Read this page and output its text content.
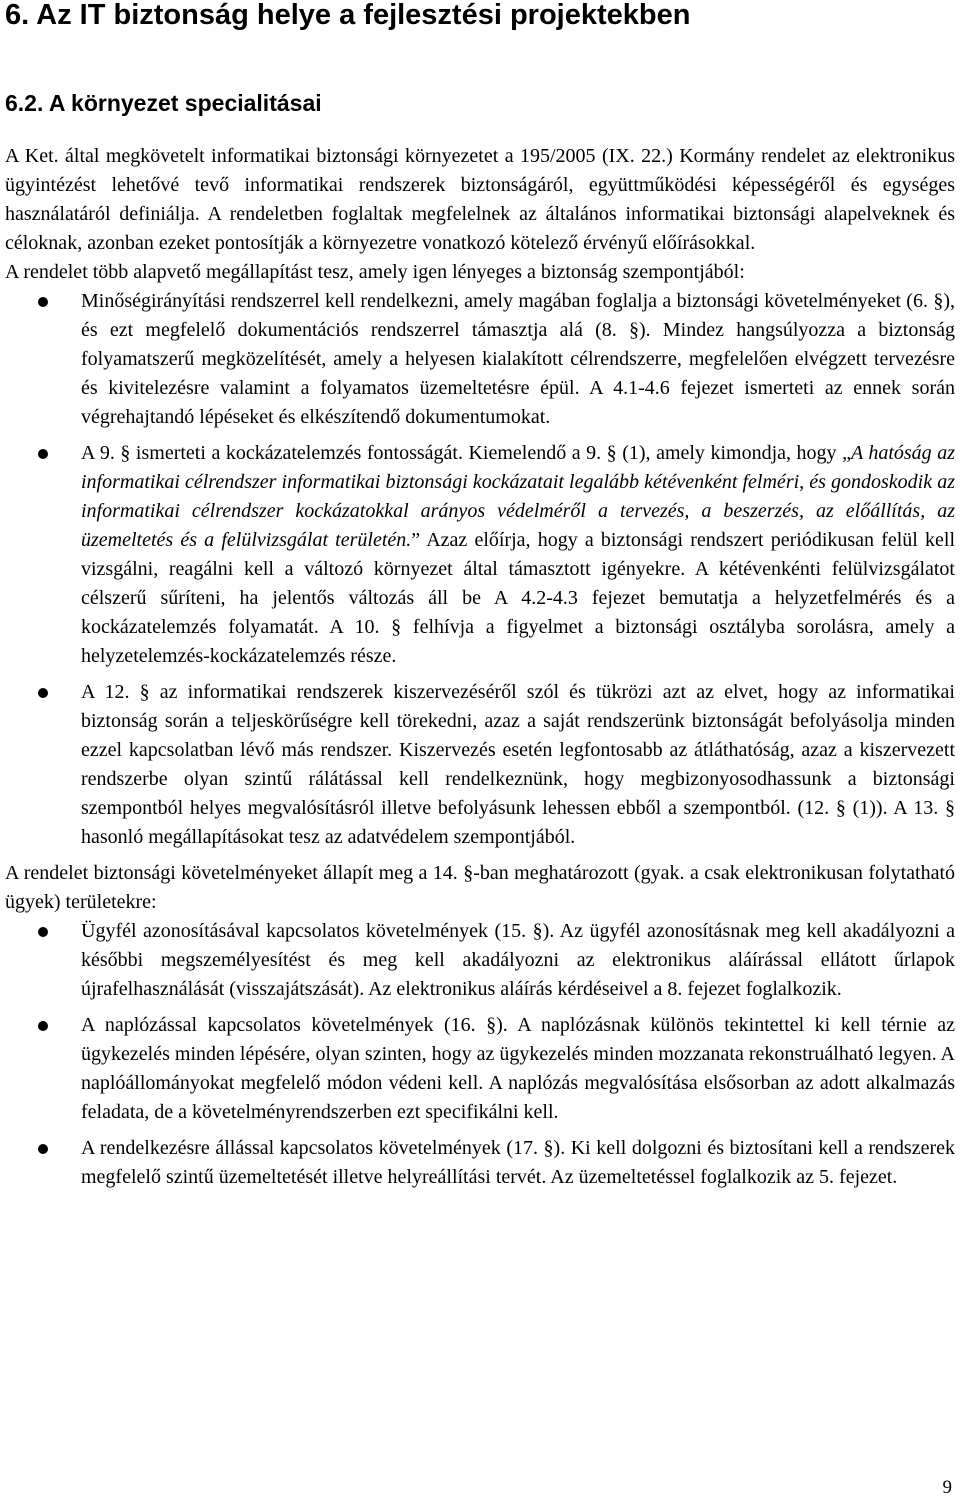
6. Az IT biztonság helye a fejlesztési projektekben
6.2. A környezet specialitásai

A Ket. által megkövetelt informatikai biztonsági környezetet a 195/2005 (IX. 22.) Kormány rendelet az elektronikus ügyintézést lehetővé tevő informatikai rendszerek biztonságáról, együttműködési képességéről és egységes használatáról definiálja. A rendeletben foglaltak megfelelnek az általános informatikai biztonsági alapelveknek és céloknak, azonban ezeket pontosítják a környezetre vonatkozó kötelező érvényű előírásokkal.

A rendelet több alapvető megállapítást tesz, amely igen lényeges a biztonság szempontjából:

Minőségirányítási rendszerrel kell rendelkezni, amely magában foglalja a biztonsági követelményeket (6. §), és ezt megfelelő dokumentációs rendszerrel támasztja alá (8. §). Mindez hangsúlyozza a biztonság folyamatszerű megközelítését, amely a helyesen kialakított célrendszerre, megfelelően elvégzett tervezésre és kivitelezésre valamint a folyamatos üzemeltetésre épül. A 4.1-4.6 fejezet ismerteti az ennek során végrehajtandó lépéseket és elkészítendő dokumentumokat.
A 9. § ismerteti a kockázatelemzés fontosságát. Kiemelendő a 9. § (1), amely kimondja, hogy „A hatóság az informatikai célrendszer informatikai biztonsági kockázatait legalább kétévenként felméri, és gondoskodik az informatikai célrendszer kockázatokkal arányos védelméről a tervezés, a beszerzés, az előállítás, az üzemeltetés és a felülvizsgálat területén.” Azaz előírja, hogy a biztonsági rendszert periódikusan felül kell vizsgálni, reagálni kell a változó környezet által támasztott igényekre. A kétévenkénti felülvizsgálatot célszerű sűríteni, ha jelentős változás áll be A 4.2-4.3 fejezet bemutatja a helyzetfelmérés és a kockázatelemzés folyamatát. A 10. § felhívja a figyelmet a biztonsági osztályba sorolásra, amely a helyzetelemzés-kockázatelemzés része.
A 12. § az informatikai rendszerek kiszervezéséről szól és tükrözi azt az elvet, hogy az informatikai biztonság során a teljeskörűségre kell törekedni, azaz a saját rendszerünk biztonságát befolyásolja minden ezzel kapcsolatban lévő más rendszer. Kiszervezés esetén legfontosabb az átláthatóság, azaz a kiszervezett rendszerbe olyan szintű rálátással kell rendelkeznünk, hogy megbizonyosodhassunk a biztonsági szempontból helyes megvalósításról illetve befolyásunk lehessen ebből a szempontból. (12. § (1)). A 13. § hasonló megállapításokat tesz az adatvédelem szempontjából.

A rendelet biztonsági követelményeket állapít meg a 14. §-ban meghatározott (gyak. a csak elektronikusan folytatható ügyek) területekre:

Ügyfél azonosításával kapcsolatos követelmények (15. §). Az ügyfél azonosításnak meg kell akadályozni a későbbi megszemélyesítést és meg kell akadályozni az elektronikus aláírással ellátott űrlapok újrafelhasználását (visszajátszását). Az elektronikus aláírás kérdéseivel a 8. fejezet foglalkozik.
A naplózással kapcsolatos követelmények (16. §). A naplózásnak különös tekintettel ki kell térnie az ügykezelés minden lépésére, olyan szinten, hogy az ügykezelés minden mozzanata rekonstruálható legyen. A naplóállományokat megfelelő módon védeni kell. A naplózás megvalósítása elsősorban az adott alkalmazás feladata, de a követelményrendszerben ezt specifikálni kell.
A rendelkezésre állással kapcsolatos követelmények (17. §). Ki kell dolgozni és biztosítani kell a rendszerek megfelelő szintű üzemeltetését illetve helyreállítási tervét. Az üzemeltetéssel foglalkozik az 5. fejezet.
9
